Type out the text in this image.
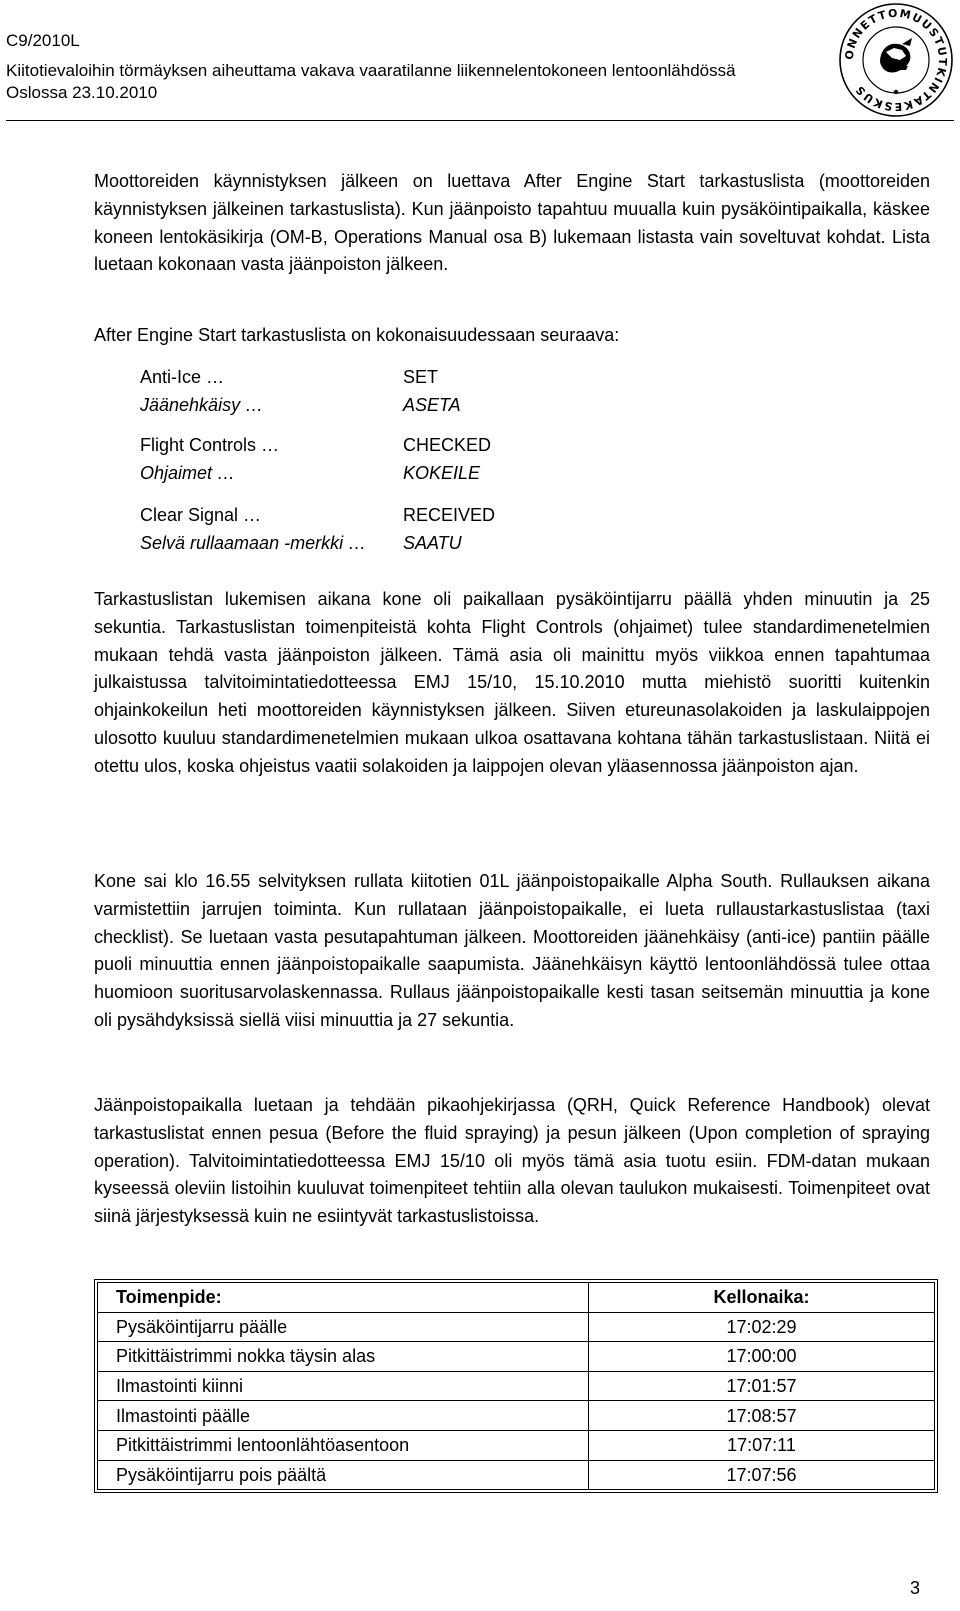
C9/2010L
Kiitotievaloihin törmäyksen aiheuttama vakava vaaratilanne liikennelentokoneen lentoonlähdössä
Oslossa 23.10.2010
ONNETTOMUUSTUTKINTAKESKUS

Moottoreiden käynnistyksen jälkeen on luettava After Engine Start tarkastuslista (moottoreiden käynnistyksen jälkeinen tarkastuslista). Kun jäänpoisto tapahtuu muualla kuin pysäköintipaikalla, käskee koneen lentokäsikirja (OM-B, Operations Manual osa B) lukemaan listasta vain soveltuvat kohdat. Lista luetaan kokonaan vasta jäänpoiston jälkeen.

After Engine Start tarkastuslista on kokonaisuudessaan seuraava:

Anti-Ice …	SET
Jäänehkäisy …	ASETA
Flight Controls …	CHECKED
Ohjaimet …	KOKEILE
Clear Signal …	RECEIVED
Selvä rullaamaan -merkki … SAATU

Tarkastuslistan lukemisen aikana kone oli paikallaan pysäköintijarru päällä yhden minuutin ja 25 sekuntia. Tarkastuslistan toimenpiteistä kohta Flight Controls (ohjaimet) tulee standardimenetelmien mukaan tehdä vasta jäänpoiston jälkeen. Tämä asia oli mainittu myös viikkoa ennen tapahtumaa julkaistussa talvitoimintatiedotteessa EMJ 15/10, 15.10.2010 mutta miehistö suoritti kuitenkin ohjainkokeilun heti moottoreiden käynnistyksen jälkeen. Siiven etureunasolakoiden ja laskulaippojen ulosotto kuuluu standardimenetelmien mukaan ulkoa osattavana kohtana tähän tarkastuslistaan. Niitä ei otettu ulos, koska ohjeistus vaatii solakoiden ja laippojen olevan yläasennossa jäänpoiston ajan.

Kone sai klo 16.55 selvityksen rullata kiitotien 01L jäänpoistopaikalle Alpha South. Rullauksen aikana varmistettiin jarrujen toiminta. Kun rullataan jäänpoistopaikalle, ei lueta rullaustarkastuslistaa (taxi checklist). Se luetaan vasta pesutapahtuman jälkeen. Moottoreiden jäänehkäisy (anti-ice) pantiin päälle puoli minuuttia ennen jäänpoistopaikalle saapumista. Jäänehkäisyn käyttö lentoonlähdössä tulee ottaa huomioon suoritusarvolaskennassa. Rullaus jäänpoistopaikalle kesti tasan seitsemän minuuttia ja kone oli pysähdyksissä siellä viisi minuuttia ja 27 sekuntia.

Jäänpoistopaikalla luetaan ja tehdään pikaohjekirjassa (QRH, Quick Reference Handbook) olevat tarkastuslistat ennen pesua (Before the fluid spraying) ja pesun jälkeen (Upon completion of spraying operation). Talvitoimintatiedotteessa EMJ 15/10 oli myös tämä asia tuotu esiin. FDM-datan mukaan kyseessä oleviin listoihin kuuluvat toimenpiteet tehtiin alla olevan taulukon mukaisesti. Toimenpiteet ovat siinä järjestyksessä kuin ne esiintyvät tarkastuslistoissa.

Toimenpide:	Kellonaika:
Pysäköintijarru päälle	17:02:29
Pitkittäistrimmi nokka täysin alas	17:00:00
Ilmastointi kiinni	17:01:57
Ilmastointi päälle	17:08:57
Pitkittäistrimmi lentoonlähtöasentoon	17:07:11
Pysäköintijarru pois päältä	17:07:56
3
